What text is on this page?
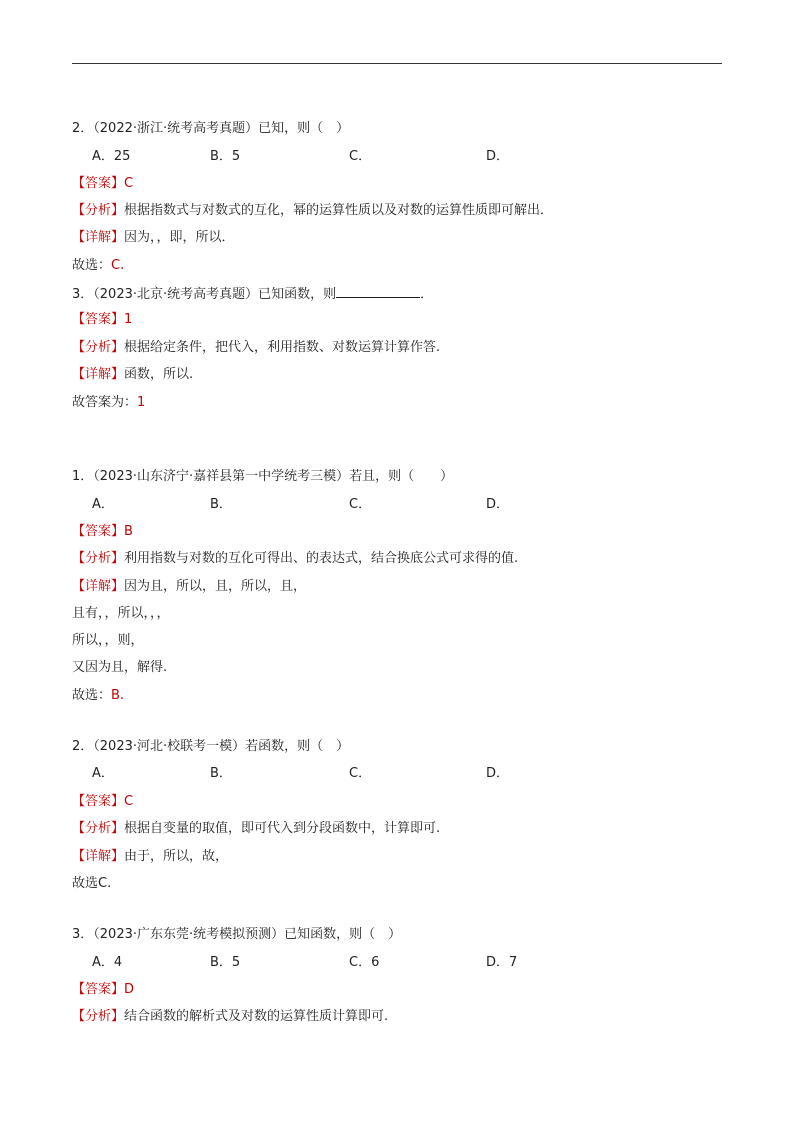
2．（2022·浙江·统考高考真题）已知，则（　）
A．25	B．5	C．	D．
【答案】C
【分析】根据指数式与对数式的互化，幂的运算性质以及对数的运算性质即可解出．
【详解】因为，，即，所以．
故选：C.
3．（2023·北京·统考高考真题）已知函数，则	．
【答案】1
【分析】根据给定条件，把代入，利用指数、对数运算计算作答.
【详解】函数，所以.
故答案为：1
1．（2023·山东济宁·嘉祥县第一中学统考三模）若且，则（　　）
A．	B．	C．	D．
【答案】B
【分析】利用指数与对数的互化可得出、的表达式，结合换底公式可求得的值.
【详解】因为且，所以，且，所以，且，
且有，，所以，，，
所以，，则，
又因为且，解得.
故选：B.
2．（2023·河北·校联考一模）若函数，则（　）
A．	B．	C．	D．
【答案】C
【分析】根据自变量的取值，即可代入到分段函数中，计算即可.
【详解】由于，所以，故，
故选C.
3．（2023·广东东莞·统考模拟预测）已知函数，则（　）
A．4	B．5	C．6	D．7
【答案】D
【分析】结合函数的解析式及对数的运算性质计算即可.
